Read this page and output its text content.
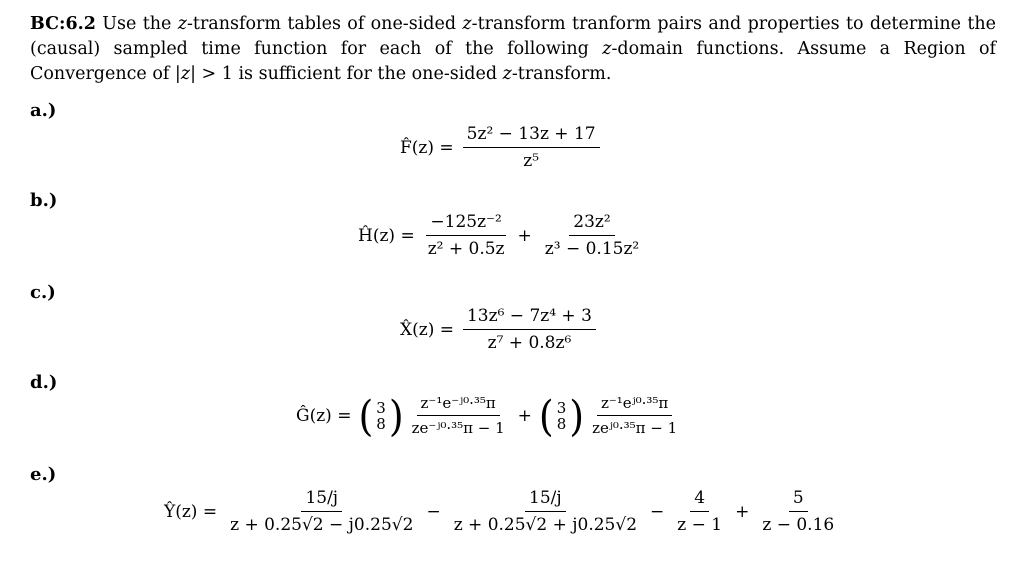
BC:6.2 Use the z-transform tables of one-sided z-transform tranform pairs and properties to determine the (causal) sampled time function for each of the following z-domain functions. Assume a Region of Convergence of |z| > 1 is sufficient for the one-sided z-transform.
a.)
F̂(z) = $\frac{\text{5z² − 13z + 17}}{\text{z⁵}}$
b.)
Ĥ(z) = $\frac{\text{−125z⁻²}}{\text{z² + 0.5z}} + \frac{\text{23z²}}{\text{z³ − 0.15z²}}$
c.)
X̂(z) = $\frac{\text{13z⁶ − 7z⁴ + 3}}{\text{z⁷ + 0.8z⁶}}$
d.)
Ĝ(z) = ( 3
8 ) $\frac{\text{z⁻¹e⁻ʲ⁰·³⁵π}}{\text{ze⁻ʲ⁰·³⁵π − 1}}$ + ( 3
8 ) $\frac{\text{z⁻¹eʲ⁰·³⁵π}}{\text{zeʲ⁰·³⁵π − 1}}$
e.)
Ŷ(z) = $\frac{15/j}{z + 0.25√2 - j0.25√2} - \frac{15/j}{z + 0.25√2 + j0.25√2} - \frac{4}{z - 1} + \frac{5}{z - 0.16}$
